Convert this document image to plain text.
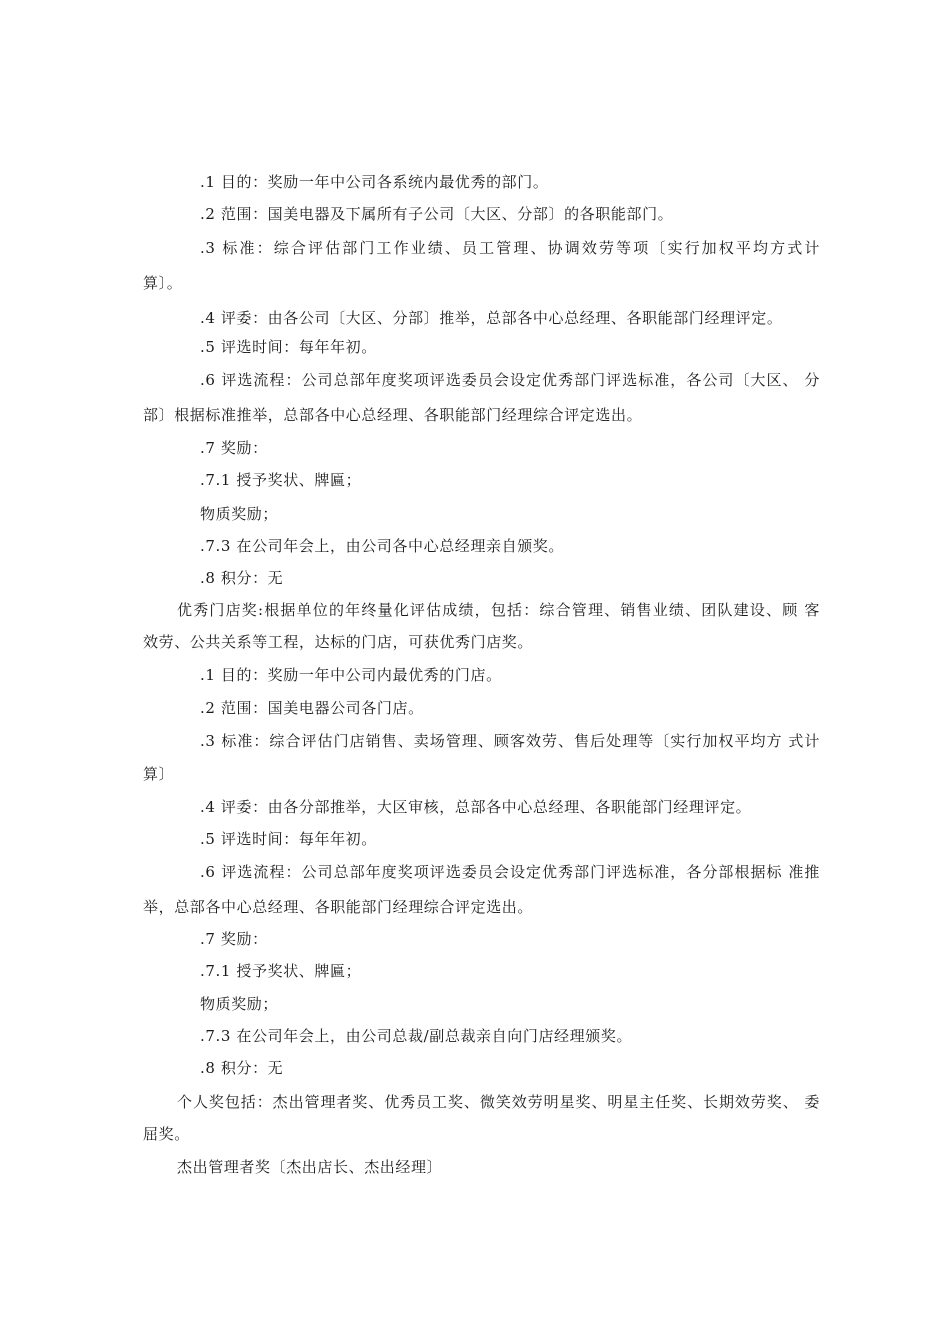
.1 目的：奖励一年中公司各系统内最优秀的部门。
.2 范围：国美电器及下属所有子公司〔大区、分部〕的各职能部门。
.3 标准：综合评估部门工作业绩、员工管理、协调效劳等项〔实行加权平均方式计
算〕。
.4 评委：由各公司〔大区、分部〕推举，总部各中心总经理、各职能部门经理评定。
.5 评选时间：每年年初。
.6 评选流程：公司总部年度奖项评选委员会设定优秀部门评选标准，各公司〔大区、 分
部〕根据标准推举，总部各中心总经理、各职能部门经理综合评定选出。
.7 奖励：
.7.1 授予奖状、牌匾；
物质奖励；
.7.3 在公司年会上，由公司各中心总经理亲自颁奖。
.8 积分：无
优秀门店奖:根据单位的年终量化评估成绩，包括：综合管理、销售业绩、团队建设、顾 客
效劳、公共关系等工程，达标的门店，可获优秀门店奖。
.1 目的：奖励一年中公司内最优秀的门店。
.2 范围：国美电器公司各门店。
.3 标准：综合评估门店销售、卖场管理、顾客效劳、售后处理等〔实行加权平均方 式计
算〕
.4 评委：由各分部推举，大区审核，总部各中心总经理、各职能部门经理评定。
.5 评选时间：每年年初。
.6 评选流程：公司总部年度奖项评选委员会设定优秀部门评选标准，各分部根据标 准推
举，总部各中心总经理、各职能部门经理综合评定选出。
.7 奖励：
.7.1 授予奖状、牌匾；
物质奖励；
.7.3 在公司年会上，由公司总裁/副总裁亲自向门店经理颁奖。
.8 积分：无
个人奖包括：杰出管理者奖、优秀员工奖、微笑效劳明星奖、明星主任奖、长期效劳奖、 委
屈奖。
杰出管理者奖〔杰出店长、杰出经理〕
